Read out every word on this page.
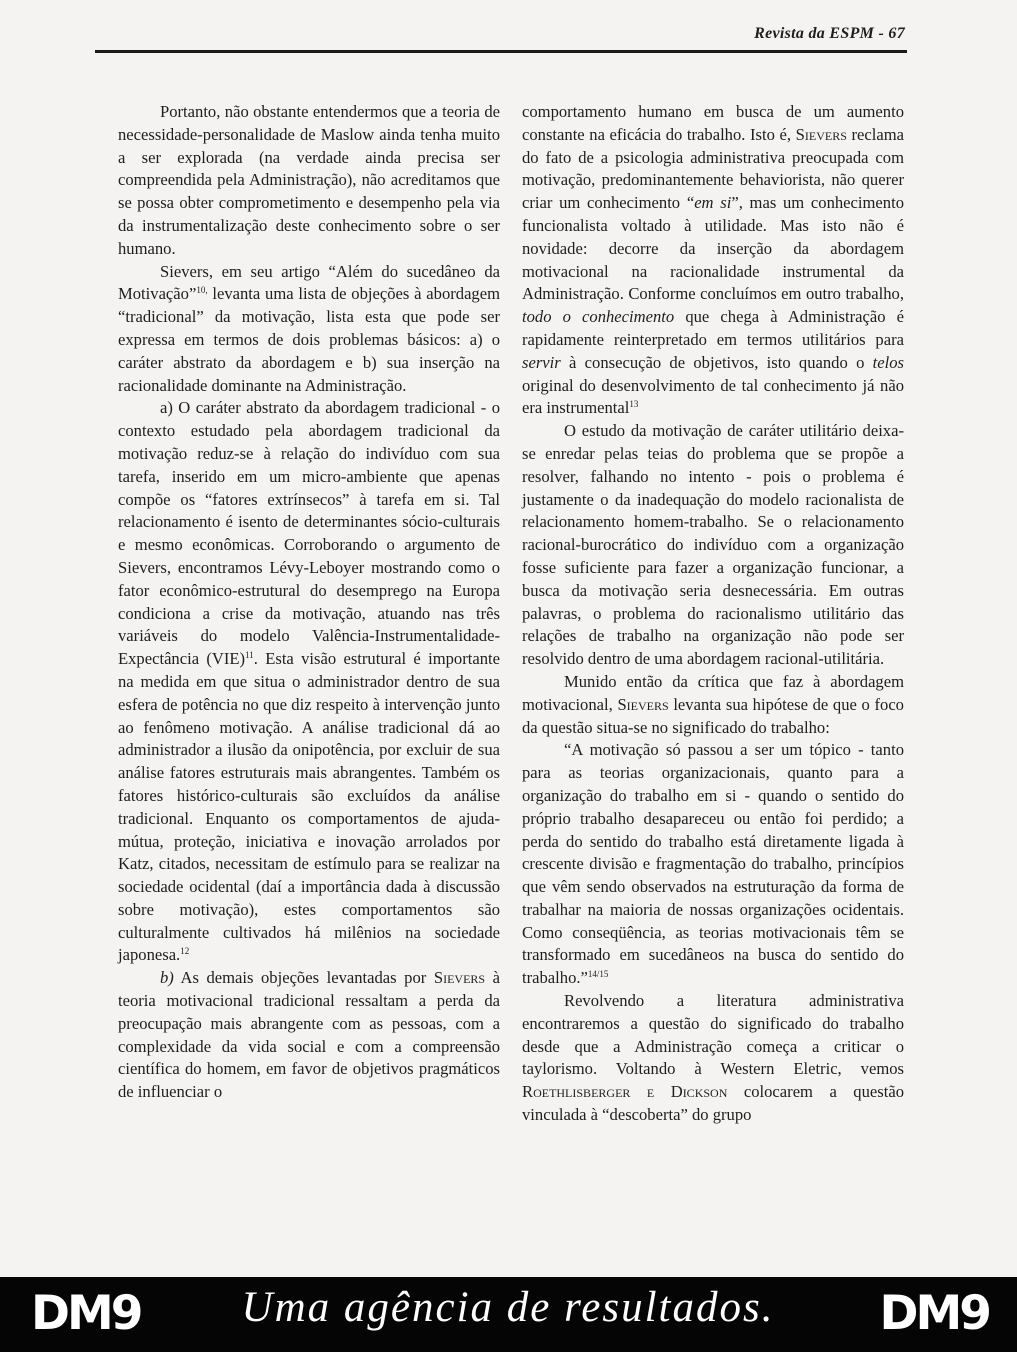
Revista da ESPM - 67

Portanto, não obstante entendermos que a teoria de necessidade-personalidade de Maslow ainda tenha muito a ser explorada (na verdade ainda precisa ser compreendida pela Administração), não acreditamos que se possa obter comprometimento e desempenho pela via da instrumentalização deste conhecimento sobre o ser humano.

Sievers, em seu artigo “Além do sucedâneo da Motivação”$^{10,}$ levanta uma lista de objeções à abordagem “tradicional” da motivação, lista esta que pode ser expressa em termos de dois problemas básicos: a) o caráter abstrato da abordagem e b) sua inserção na racionalidade dominante na Administração.

a) O caráter abstrato da abordagem tradicional - o contexto estudado pela abordagem tradicional da motivação reduz-se à relação do indivíduo com sua tarefa, inserido em um micro-ambiente que apenas compõe os “fatores extrínsecos” à tarefa em si. Tal relacionamento é isento de determinantes sócio-culturais e mesmo econômicas. Corroborando o argumento de Sievers, encontramos Lévy-Leboyer mostrando como o fator econômico-estrutural do desemprego na Europa condiciona a crise da motivação, atuando nas três variáveis do modelo Valência-Instrumentalidade-Expectância (VIE)$^{11}$. Esta visão estrutural é importante na medida em que situa o administrador dentro de sua esfera de potência no que diz respeito à intervenção junto ao fenômeno motivação. A análise tradicional dá ao administrador a ilusão da onipotência, por excluir de sua análise fatores estruturais mais abrangentes. Também os fatores histórico-culturais são excluídos da análise tradicional. Enquanto os comportamentos de ajuda-mútua, proteção, iniciativa e inovação arrolados por Katz, citados, necessitam de estímulo para se realizar na sociedade ocidental (daí a importância dada à discussão sobre motivação), estes comportamentos são culturalmente cultivados há milênios na sociedade japonesa.$^{12}$

b) As demais objeções levantadas por Sievers à teoria motivacional tradicional ressaltam a perda da preocupação mais abrangente com as pessoas, com a complexidade da vida social e com a compreensão científica do homem, em favor de objetivos pragmáticos de influenciar o

comportamento humano em busca de um aumento constante na eficácia do trabalho. Isto é, Sievers reclama do fato de a psicologia administrativa preocupada com motivação, predominantemente behaviorista, não querer criar um conhecimento “em si”, mas um conhecimento funcionalista voltado à utilidade. Mas isto não é novidade: decorre da inserção da abordagem motivacional na racionalidade instrumental da Administração. Conforme concluímos em outro trabalho, todo o conhecimento que chega à Administração é rapidamente reinterpretado em termos utilitários para servir à consecução de objetivos, isto quando o telos original do desenvolvimento de tal conhecimento já não era instrumental$^{13}$

O estudo da motivação de caráter utilitário deixa-se enredar pelas teias do problema que se propõe a resolver, falhando no intento - pois o problema é justamente o da inadequação do modelo racionalista de relacionamento homem-trabalho. Se o relacionamento racional-burocrático do indivíduo com a organização fosse suficiente para fazer a organização funcionar, a busca da motivação seria desnecessária. Em outras palavras, o problema do racionalismo utilitário das relações de trabalho na organização não pode ser resolvido dentro de uma abordagem racional-utilitária.

Munido então da crítica que faz à abordagem motivacional, Sievers levanta sua hipótese de que o foco da questão situa-se no significado do trabalho:

“A motivação só passou a ser um tópico - tanto para as teorias organizacionais, quanto para a organização do trabalho em si - quando o sentido do próprio trabalho desapareceu ou então foi perdido; a perda do sentido do trabalho está diretamente ligada à crescente divisão e fragmentação do trabalho, princípios que vêm sendo observados na estruturação da forma de trabalhar na maioria de nossas organizações ocidentais. Como conseqüência, as teorias motivacionais têm se transformado em sucedâneos na busca do sentido do trabalho.”$^{14/15}$

Revolvendo a literatura administrativa encontraremos a questão do significado do trabalho desde que a Administração começa a criticar o taylorismo. Voltando à Western Eletric, vemos Roethlisberger e Dickson colocarem a questão vinculada à “descoberta” do grupo

DM9	Uma agência de resultados. DM9
